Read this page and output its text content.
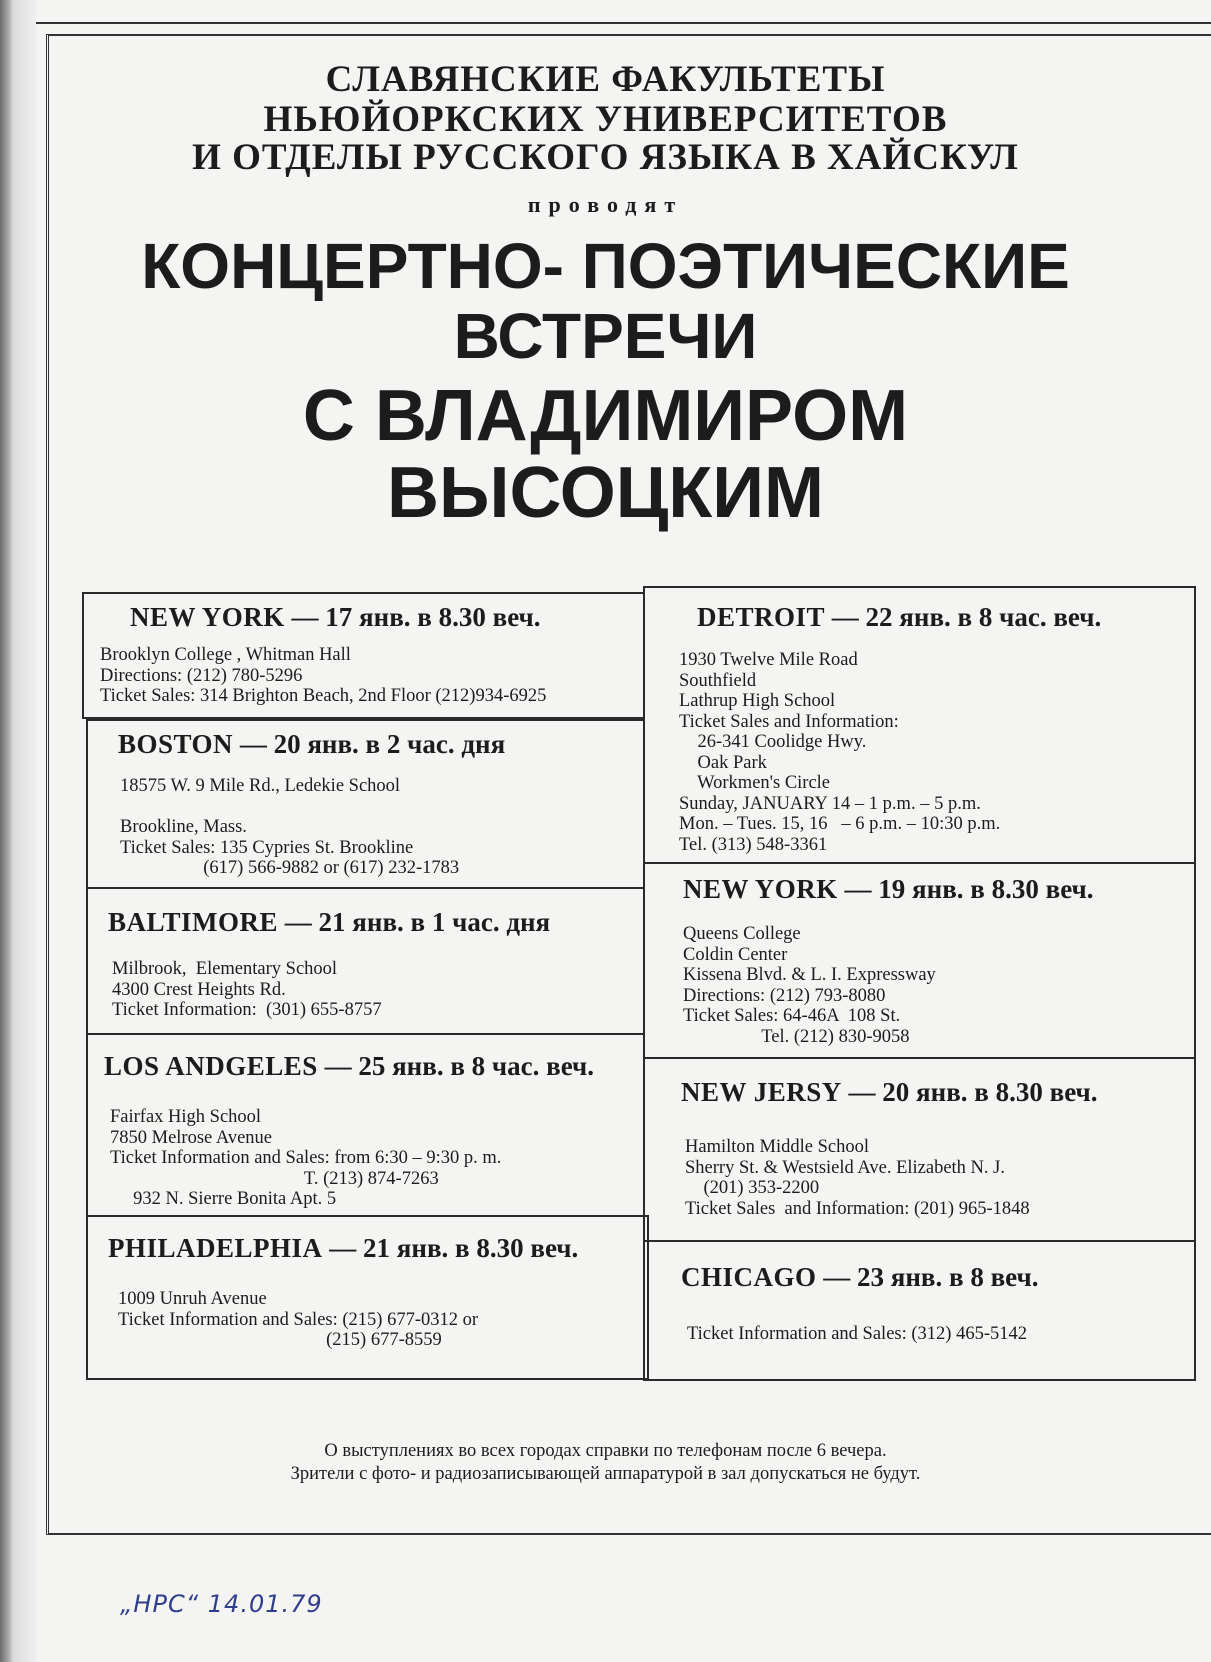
СЛАВЯНСКИЕ ФАКУЛЬТЕТЫ
НЬЮЙОРКСКИХ УНИВЕРСИТЕТОВ
И ОТДЕЛЫ РУССКОГО ЯЗЫКА В ХАЙСКУЛ
проводят
КОНЦЕРТНО- ПОЭТИЧЕСКИЕ
ВСТРЕЧИ
С ВЛАДИМИРОМ
ВЫСОЦКИМ
NEW YORK — 17 янв. в 8.30 веч.
Brooklyn College , Whitman Hall
Directions: (212) 780-5296
Ticket Sales: 314 Brighton Beach, 2nd Floor (212)934-6925
BOSTON — 20 янв. в 2 час. дня
18575 W. 9 Mile Rd., Ledekie School

Brookline, Mass.
Ticket Sales: 135 Cypries St. Brookline
(617) 566-9882 or (617) 232-1783
BALTIMORE — 21 янв. в 1 час. дня
Milbrook,  Elementary School
4300 Crest Heights Rd.
Ticket Information:  (301) 655-8757
LOS ANDGELES — 25 янв. в 8 час. веч.
Fairfax High School
7850 Melrose Avenue
Ticket Information and Sales: from 6:30 – 9:30 p. m.
T. (213) 874-7263
932 N. Sierre Bonita Apt. 5
PHILADELPHIA — 21 янв. в 8.30 веч.
1009 Unruh Avenue
Ticket Information and Sales: (215) 677-0312 or
(215) 677-8559
DETROIT — 22 янв. в 8 час. веч.
1930 Twelve Mile Road
Southfield
Lathrup High School
Ticket Sales and Information:
26-341 Coolidge Hwy.
Oak Park
Workmen's Circle
Sunday, JANUARY 14 – 1 p.m. – 5 p.m.
Mon. – Tues. 15, 16   – 6 p.m. – 10:30 p.m.
Tel. (313) 548-3361
NEW YORK — 19 янв. в 8.30 веч.
Queens College
Coldin Center
Kissena Blvd. & L. I. Expressway
Directions: (212) 793-8080
Ticket Sales: 64-46A  108 St.
Tel. (212) 830-9058
NEW JERSY — 20 янв. в 8.30 веч.
Hamilton Middle School
Sherry St. & Westsield Ave. Elizabeth N. J.
(201) 353-2200
Ticket Sales  and Information: (201) 965-1848
CHICAGO — 23 янв. в 8 веч.
Ticket Information and Sales: (312) 465-5142
О выступлениях во всех городах справки по телефонам после 6 вечера.
Зрители с фото- и радиозаписывающей аппаратурой в зал допускаться не будут.
„НРС“ 14.01.79
